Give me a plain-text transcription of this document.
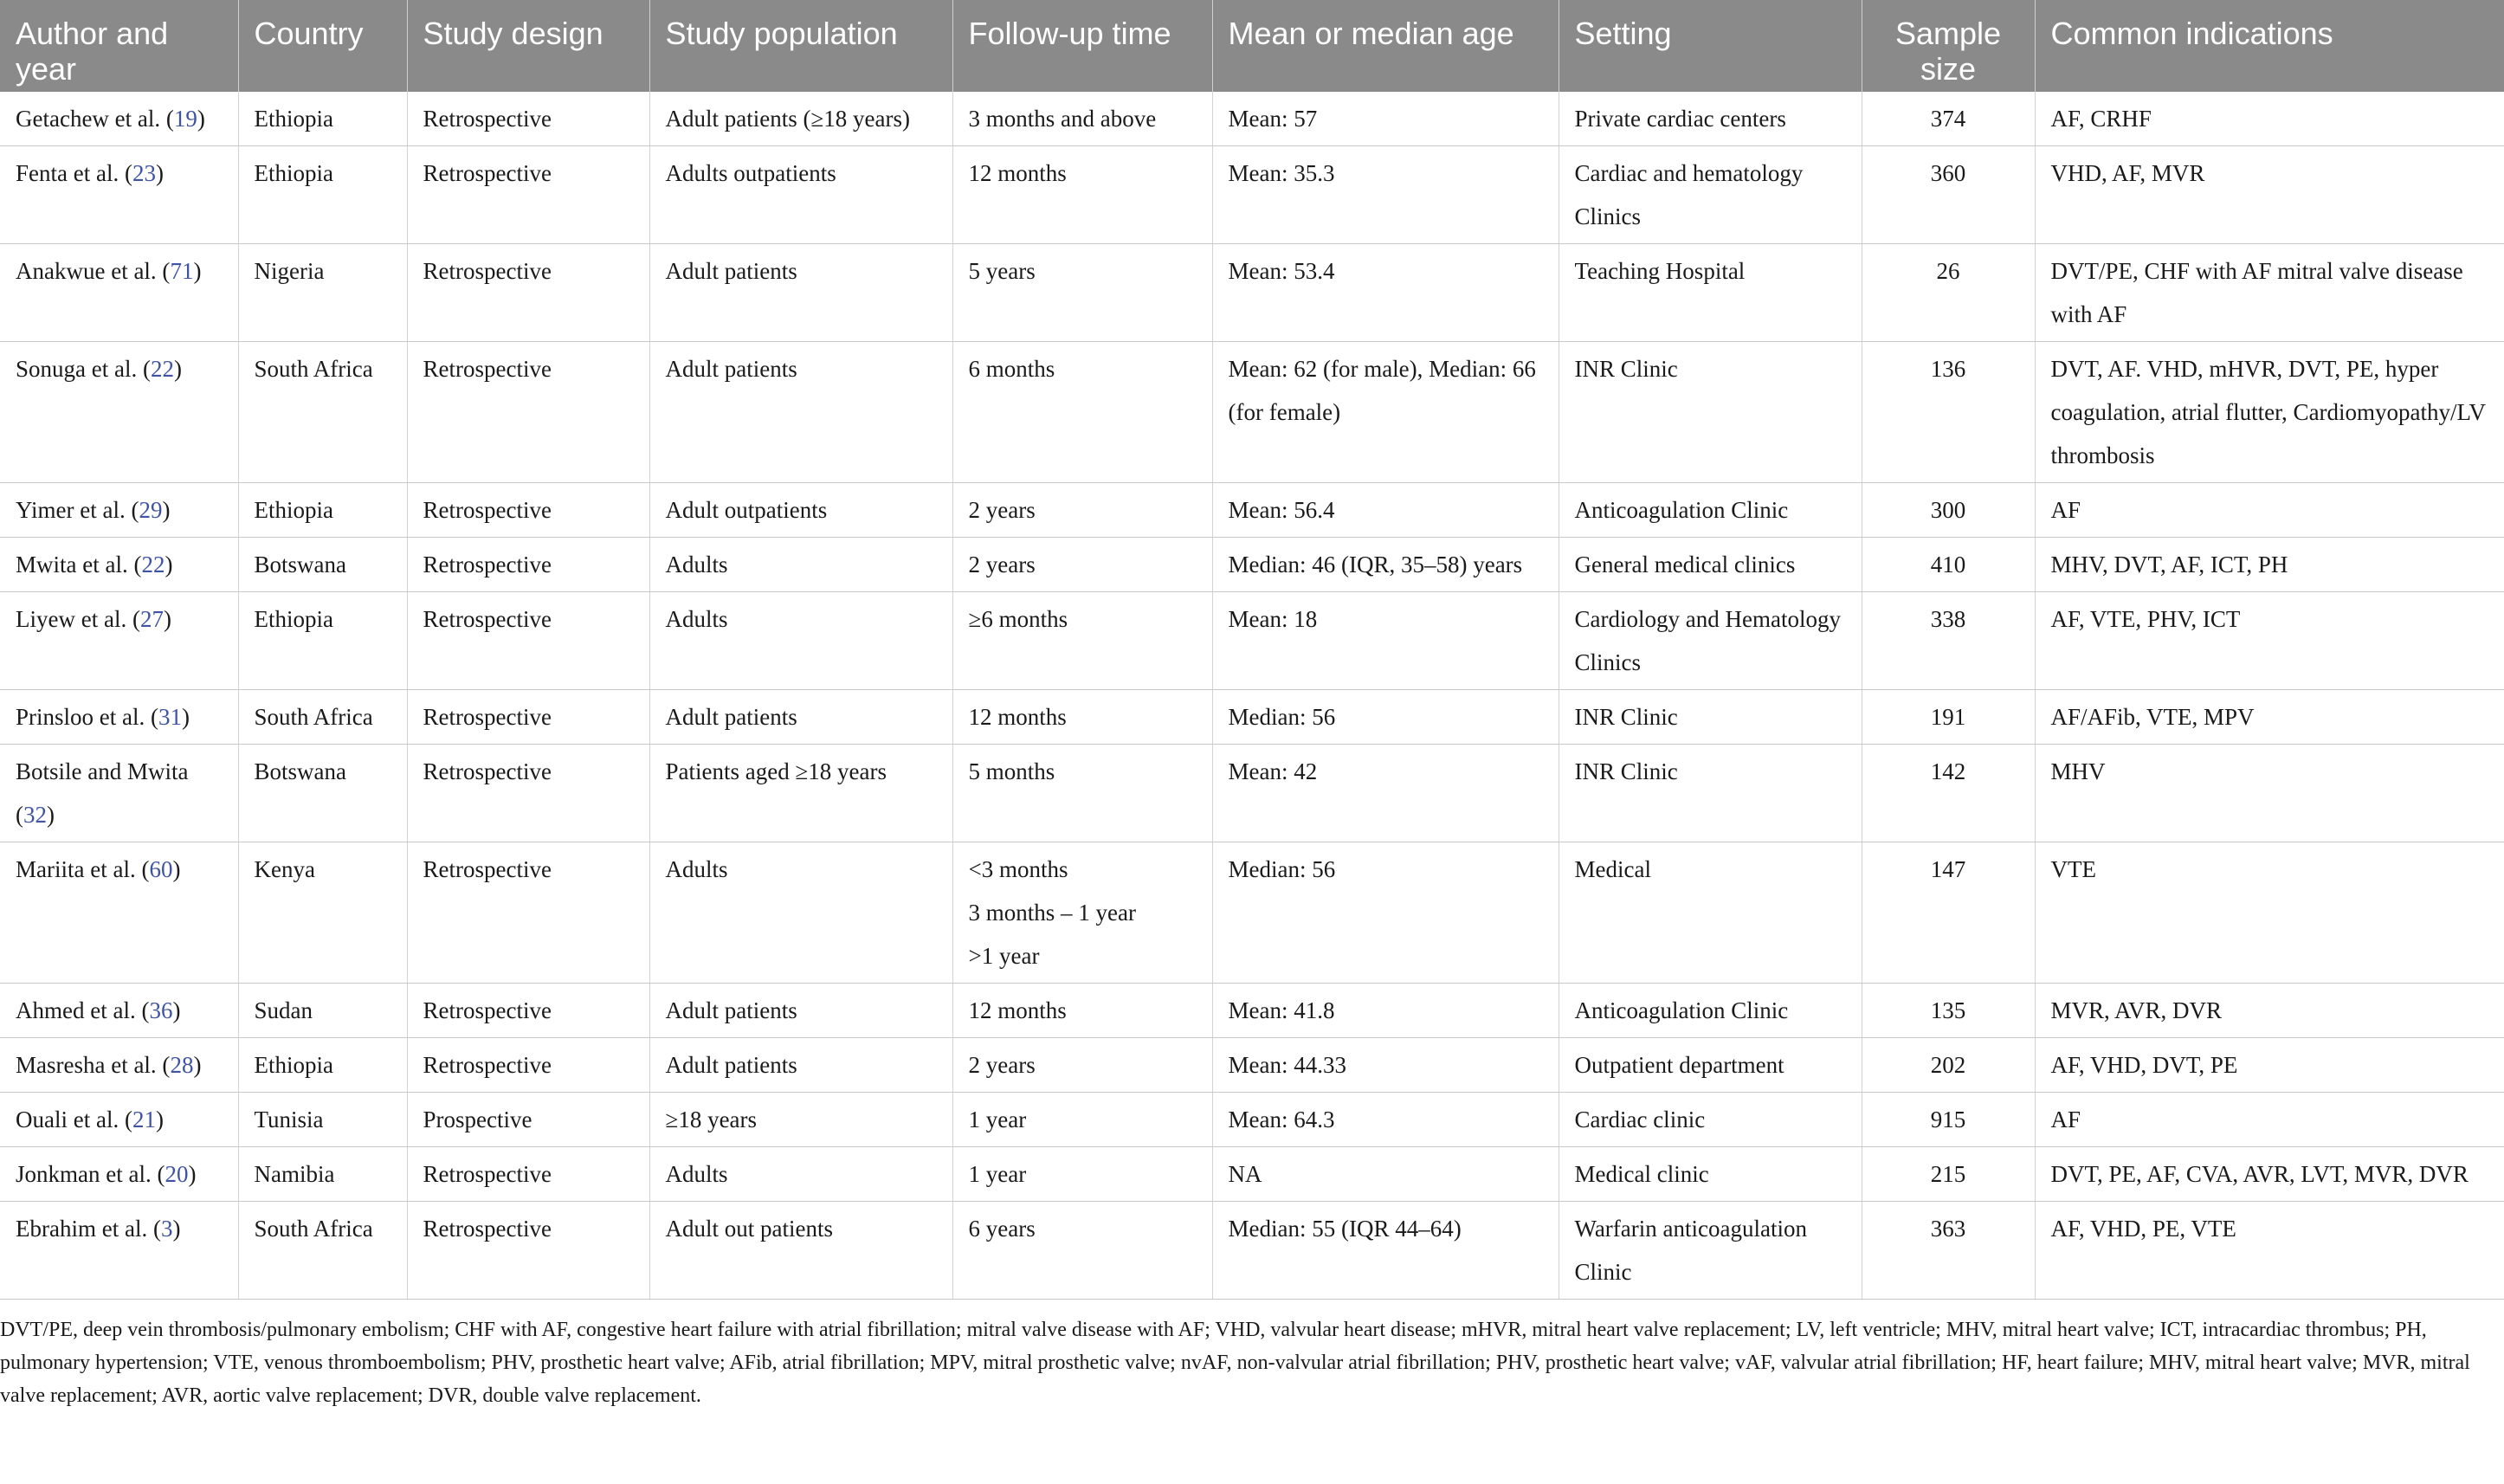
Author and year	Country	Study design	Study population	Follow-up time	Mean or median age	Setting	Sample size	Common indications
Getachew et al. (19)	Ethiopia	Retrospective	Adult patients (≥18 years)	3 months and above	Mean: 57	Private cardiac centers	374	AF, CRHF
Fenta et al. (23)	Ethiopia	Retrospective	Adults outpatients	12 months	Mean: 35.3	Cardiac and hematology Clinics	360	VHD, AF, MVR
Anakwue et al. (71)	Nigeria	Retrospective	Adult patients	5 years	Mean: 53.4	Teaching Hospital	26	DVT/PE, CHF with AF mitral valve disease with AF
Sonuga et al. (22)	South Africa	Retrospective	Adult patients	6 months	Mean: 62 (for male), Median: 66 (for female)	INR Clinic	136	DVT, AF. VHD, mHVR, DVT, PE, hyper coagulation, atrial flutter, Cardiomyopathy/LV thrombosis
Yimer et al. (29)	Ethiopia	Retrospective	Adult outpatients	2 years	Mean: 56.4	Anticoagulation Clinic	300	AF
Mwita et al. (22)	Botswana	Retrospective	Adults	2 years	Median: 46 (IQR, 35–58) years	General medical clinics	410	MHV, DVT, AF, ICT, PH
Liyew et al. (27)	Ethiopia	Retrospective	Adults	≥6 months	Mean: 18	Cardiology and Hematology Clinics	338	AF, VTE, PHV, ICT
Prinsloo et al. (31)	South Africa	Retrospective	Adult patients	12 months	Median: 56	INR Clinic	191	AF/AFib, VTE, MPV
Botsile and Mwita (32)	Botswana	Retrospective	Patients aged ≥18 years	5 months	Mean: 42	INR Clinic	142	MHV
Mariita et al. (60)	Kenya	Retrospective	Adults	<3 months
3 months – 1 year
>1 year	Median: 56	Medical	147	VTE
Ahmed et al. (36)	Sudan	Retrospective	Adult patients	12 months	Mean: 41.8	Anticoagulation Clinic	135	MVR, AVR, DVR
Masresha et al. (28)	Ethiopia	Retrospective	Adult patients	2 years	Mean: 44.33	Outpatient department	202	AF, VHD, DVT, PE
Ouali et al. (21)	Tunisia	Prospective	≥18 years	1 year	Mean: 64.3	Cardiac clinic	915	AF
Jonkman et al. (20)	Namibia	Retrospective	Adults	1 year	NA	Medical clinic	215	DVT, PE, AF, CVA, AVR, LVT, MVR, DVR
Ebrahim et al. (3)	South Africa	Retrospective	Adult out patients	6 years	Median: 55 (IQR 44–64)	Warfarin anticoagulation Clinic	363	AF, VHD, PE, VTE
DVT/PE, deep vein thrombosis/pulmonary embolism; CHF with AF, congestive heart failure with atrial fibrillation; mitral valve disease with AF; VHD, valvular heart disease; mHVR, mitral heart valve replacement; LV, left ventricle; MHV, mitral heart valve; ICT, intracardiac thrombus; PH, pulmonary hypertension; VTE, venous thromboembolism; PHV, prosthetic heart valve; AFib, atrial fibrillation; MPV, mitral prosthetic valve; nvAF, non-valvular atrial fibrillation; PHV, prosthetic heart valve; vAF, valvular atrial fibrillation; HF, heart failure; MHV, mitral heart valve; MVR, mitral valve replacement; AVR, aortic valve replacement; DVR, double valve replacement.
